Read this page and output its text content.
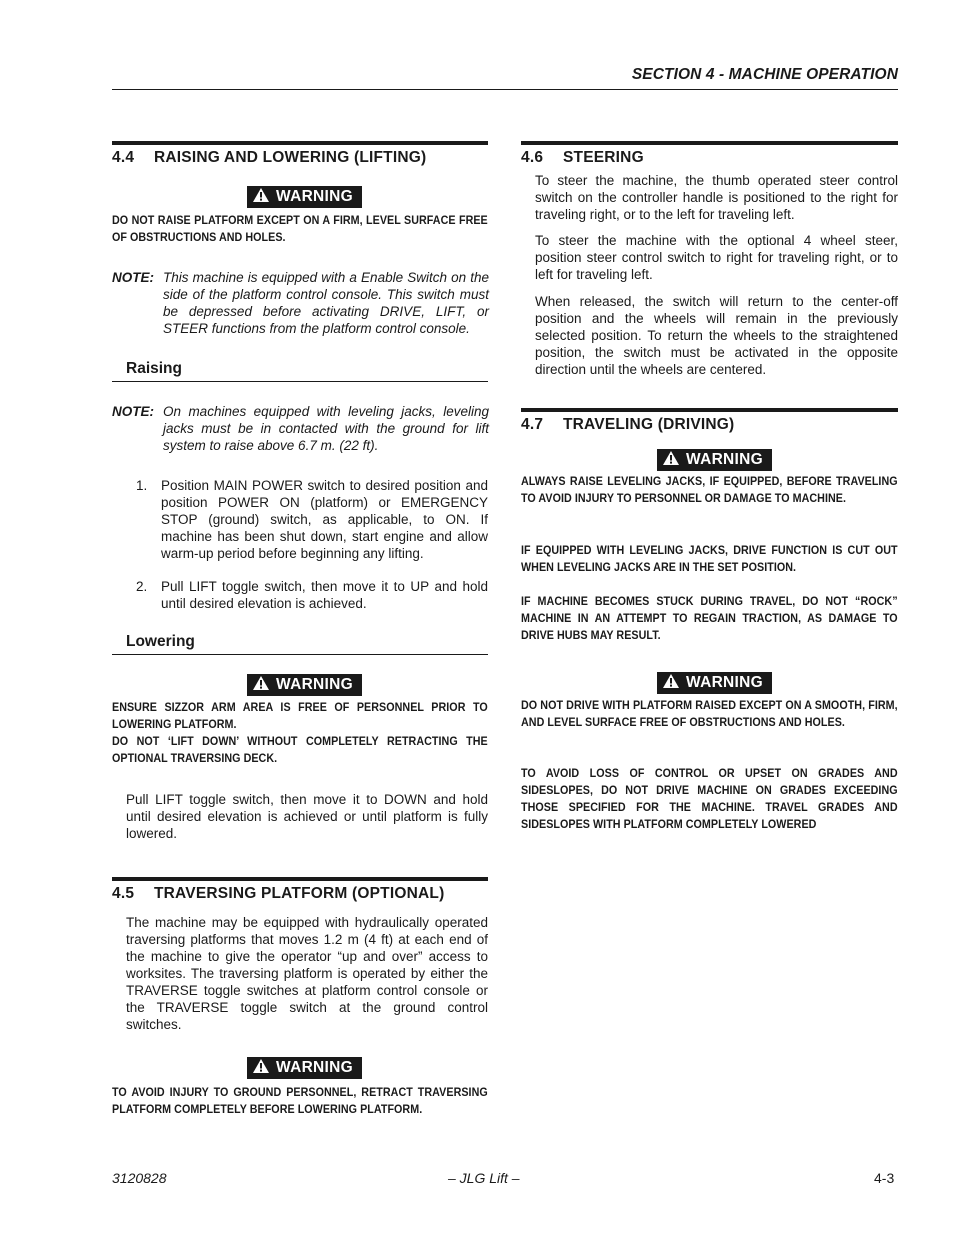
SECTION 4 - MACHINE OPERATION
4.4 RAISING AND LOWERING (LIFTING)
WARNING
DO NOT RAISE PLATFORM EXCEPT ON A FIRM, LEVEL SURFACE FREE OF OBSTRUCTIONS AND HOLES.
NOTE: This machine is equipped with a Enable Switch on the side of the platform control console. This switch must be depressed before activating DRIVE, LIFT, or STEER functions from the platform control console.
Raising
NOTE: On machines equipped with leveling jacks, leveling jacks must be in contacted with the ground for lift system to raise above 6.7 m. (22 ft).
1. Position MAIN POWER switch to desired position and position POWER ON (platform) or EMERGENCY STOP (ground) switch, as applicable, to ON. If machine has been shut down, start engine and allow warm-up period before beginning any lifting.
2. Pull LIFT toggle switch, then move it to UP and hold until desired elevation is achieved.
Lowering
WARNING
ENSURE SIZZOR ARM AREA IS FREE OF PERSONNEL PRIOR TO LOWERING PLATFORM.
DO NOT ‘LIFT DOWN’ WITHOUT COMPLETELY RETRACTING THE OPTIONAL TRAVERSING DECK.
Pull LIFT toggle switch, then move it to DOWN and hold until desired elevation is achieved or until platform is fully lowered.
4.5 TRAVERSING PLATFORM (OPTIONAL)
The machine may be equipped with hydraulically operated traversing platforms that moves 1.2 m (4 ft) at each end of the machine to give the operator “up and over” access to worksites. The traversing platform is operated by either the TRAVERSE toggle switches at platform control console or the TRAVERSE toggle switch at the ground control switches.
WARNING
TO AVOID INJURY TO GROUND PERSONNEL, RETRACT TRAVERSING PLATFORM COMPLETELY BEFORE LOWERING PLATFORM.
4.6 STEERING
To steer the machine, the thumb operated steer control switch on the controller handle is positioned to the right for traveling right, or to the left for traveling left.
To steer the machine with the optional 4 wheel steer, position steer control switch to right for traveling right, or to left for traveling left.
When released, the switch will return to the center-off position and the wheels will remain in the previously selected position. To return the wheels to the straightened position, the switch must be activated in the opposite direction until the wheels are centered.
4.7 TRAVELING (DRIVING)
WARNING
ALWAYS RAISE LEVELING JACKS, IF EQUIPPED, BEFORE TRAVELING TO AVOID INJURY TO PERSONNEL OR DAMAGE TO MACHINE.
IF EQUIPPED WITH LEVELING JACKS, DRIVE FUNCTION IS CUT OUT WHEN LEVELING JACKS ARE IN THE SET POSITION.
IF MACHINE BECOMES STUCK DURING TRAVEL, DO NOT “ROCK” MACHINE IN AN ATTEMPT TO REGAIN TRACTION, AS DAMAGE TO DRIVE HUBS MAY RESULT.
WARNING
DO NOT DRIVE WITH PLATFORM RAISED EXCEPT ON A SMOOTH, FIRM, AND LEVEL SURFACE FREE OF OBSTRUCTIONS AND HOLES.
TO AVOID LOSS OF CONTROL OR UPSET ON GRADES AND SIDESLOPES, DO NOT DRIVE MACHINE ON GRADES EXCEEDING THOSE SPECIFIED FOR THE MACHINE. TRAVEL GRADES AND SIDESLOPES WITH PLATFORM COMPLETELY LOWERED
3120828	– JLG Lift –	4-3
